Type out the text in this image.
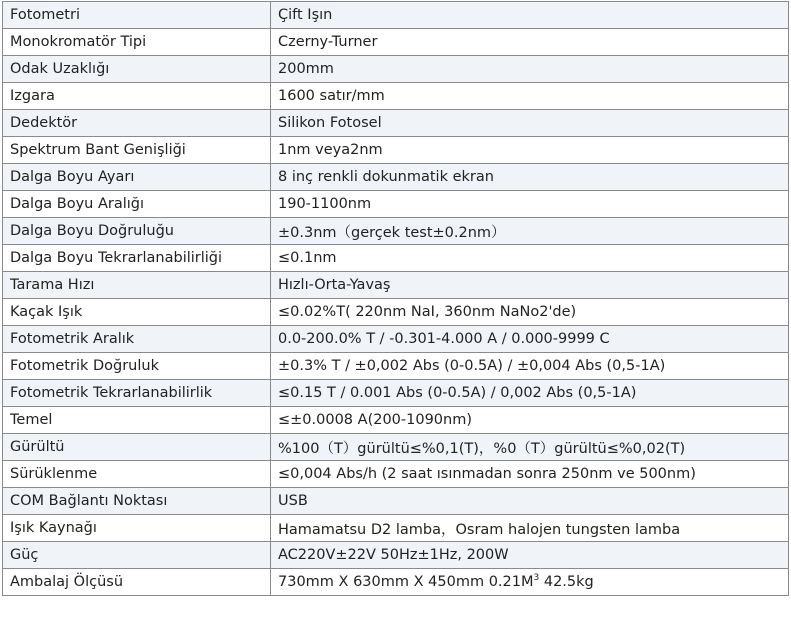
Fotometri	Çift Işın
Monokromatör Tipi	Czerny-Turner
Odak Uzaklığı	200mm
Izgara	1600 satır/mm
Dedektör	Silikon Fotosel
Spektrum Bant Genişliği	1nm veya2nm
Dalga Boyu Ayarı	8 inç renkli dokunmatik ekran
Dalga Boyu Aralığı	190-1100nm
Dalga Boyu Doğruluğu	±0.3nm（gerçek test±0.2nm）
Dalga Boyu Tekrarlanabilirliği	≤0.1nm
Tarama Hızı	Hızlı-Orta-Yavaş
Kaçak Işık	≤0.02%T( 220nm NaI, 360nm NaNo2'de)
Fotometrik Aralık	0.0-200.0% T / -0.301-4.000 A / 0.000-9999 C
Fotometrik Doğruluk	±0.3% T / ±0,002 Abs (0-0.5A) / ±0,004 Abs (0,5-1A)
Fotometrik Tekrarlanabilirlik	≤0.15 T / 0.001 Abs (0-0.5A) / 0,002 Abs (0,5-1A)
Temel	≤±0.0008 A(200-1090nm)
Gürültü	%100（T）gürültü≤%0,1(T)，%0（T）gürültü≤%0,02(T)
Sürüklenme	≤0,004 Abs/h (2 saat ısınmadan sonra 250nm ve 500nm)
COM Bağlantı Noktası	USB
Işık Kaynağı	Hamamatsu D2 lamba，Osram halojen tungsten lamba
Güç	AC220V±22V 50Hz±1Hz, 200W
Ambalaj Ölçüsü	730mm X 630mm X 450mm $0.21M^3$ 42.5kg
